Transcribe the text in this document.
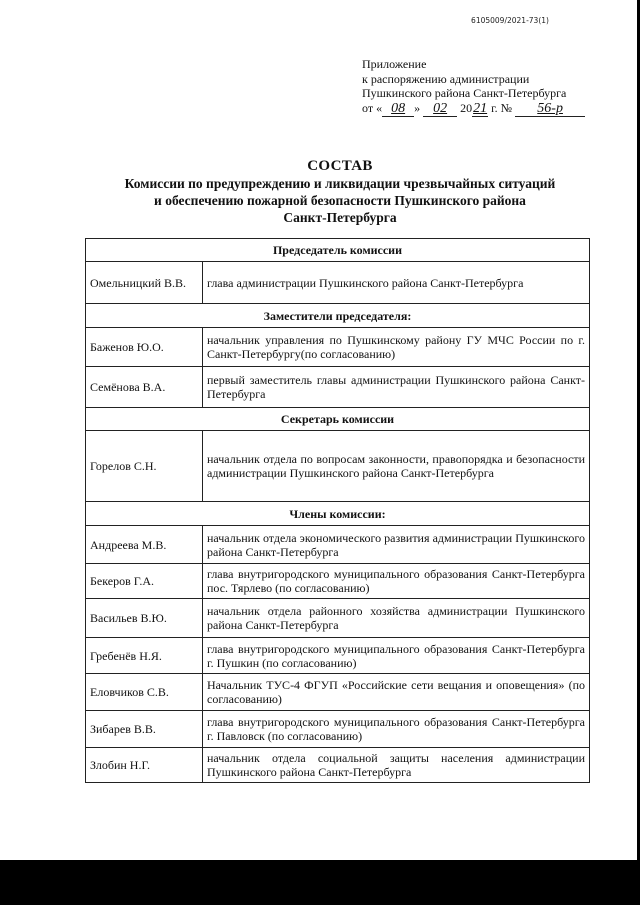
6105009/2021-73(1)
Приложение
к распоряжению администрации
Пушкинского района Санкт-Петербурга
от « 08 » 02 2021 г. № 56-р
СОСТАВ
Комиссии по предупреждению и ликвидации чрезвычайных ситуаций
и обеспечению пожарной безопасности Пушкинского района
Санкт-Петербурга
Председатель комиссии	
Омельницкий В.В.	глава администрации Пушкинского района Санкт-Петербурга
Заместители председателя:	
Баженов Ю.О.	начальник управления по Пушкинскому району ГУ МЧС России по г. Санкт-Петербургу(по согласованию)
Семёнова В.А.	первый заместитель главы администрации Пушкинского района Санкт-Петербурга
Секретарь комиссии	
Горелов С.Н.	начальник отдела по вопросам законности, правопорядка и безопасности администрации Пушкинского района Санкт-Петербурга
Члены комиссии:	
Андреева М.В.	начальник отдела экономического развития администрации Пушкинского района Санкт-Петербурга
Бекеров Г.А.	глава внутригородского муниципального образования Санкт-Петербурга пос. Тярлево (по согласованию)
Васильев В.Ю.	начальник отдела районного хозяйства администрации Пушкинского района Санкт-Петербурга
Гребенёв Н.Я.	глава внутригородского муниципального образования Санкт-Петербурга г. Пушкин (по согласованию)
Еловчиков С.В.	Начальник ТУС-4 ФГУП «Российские сети вещания и оповещения» (по согласованию)
Зибарев В.В.	глава внутригородского муниципального образования Санкт-Петербурга г. Павловск (по согласованию)
Злобин Н.Г.	начальник отдела социальной защиты населения администрации Пушкинского района Санкт-Петербурга
